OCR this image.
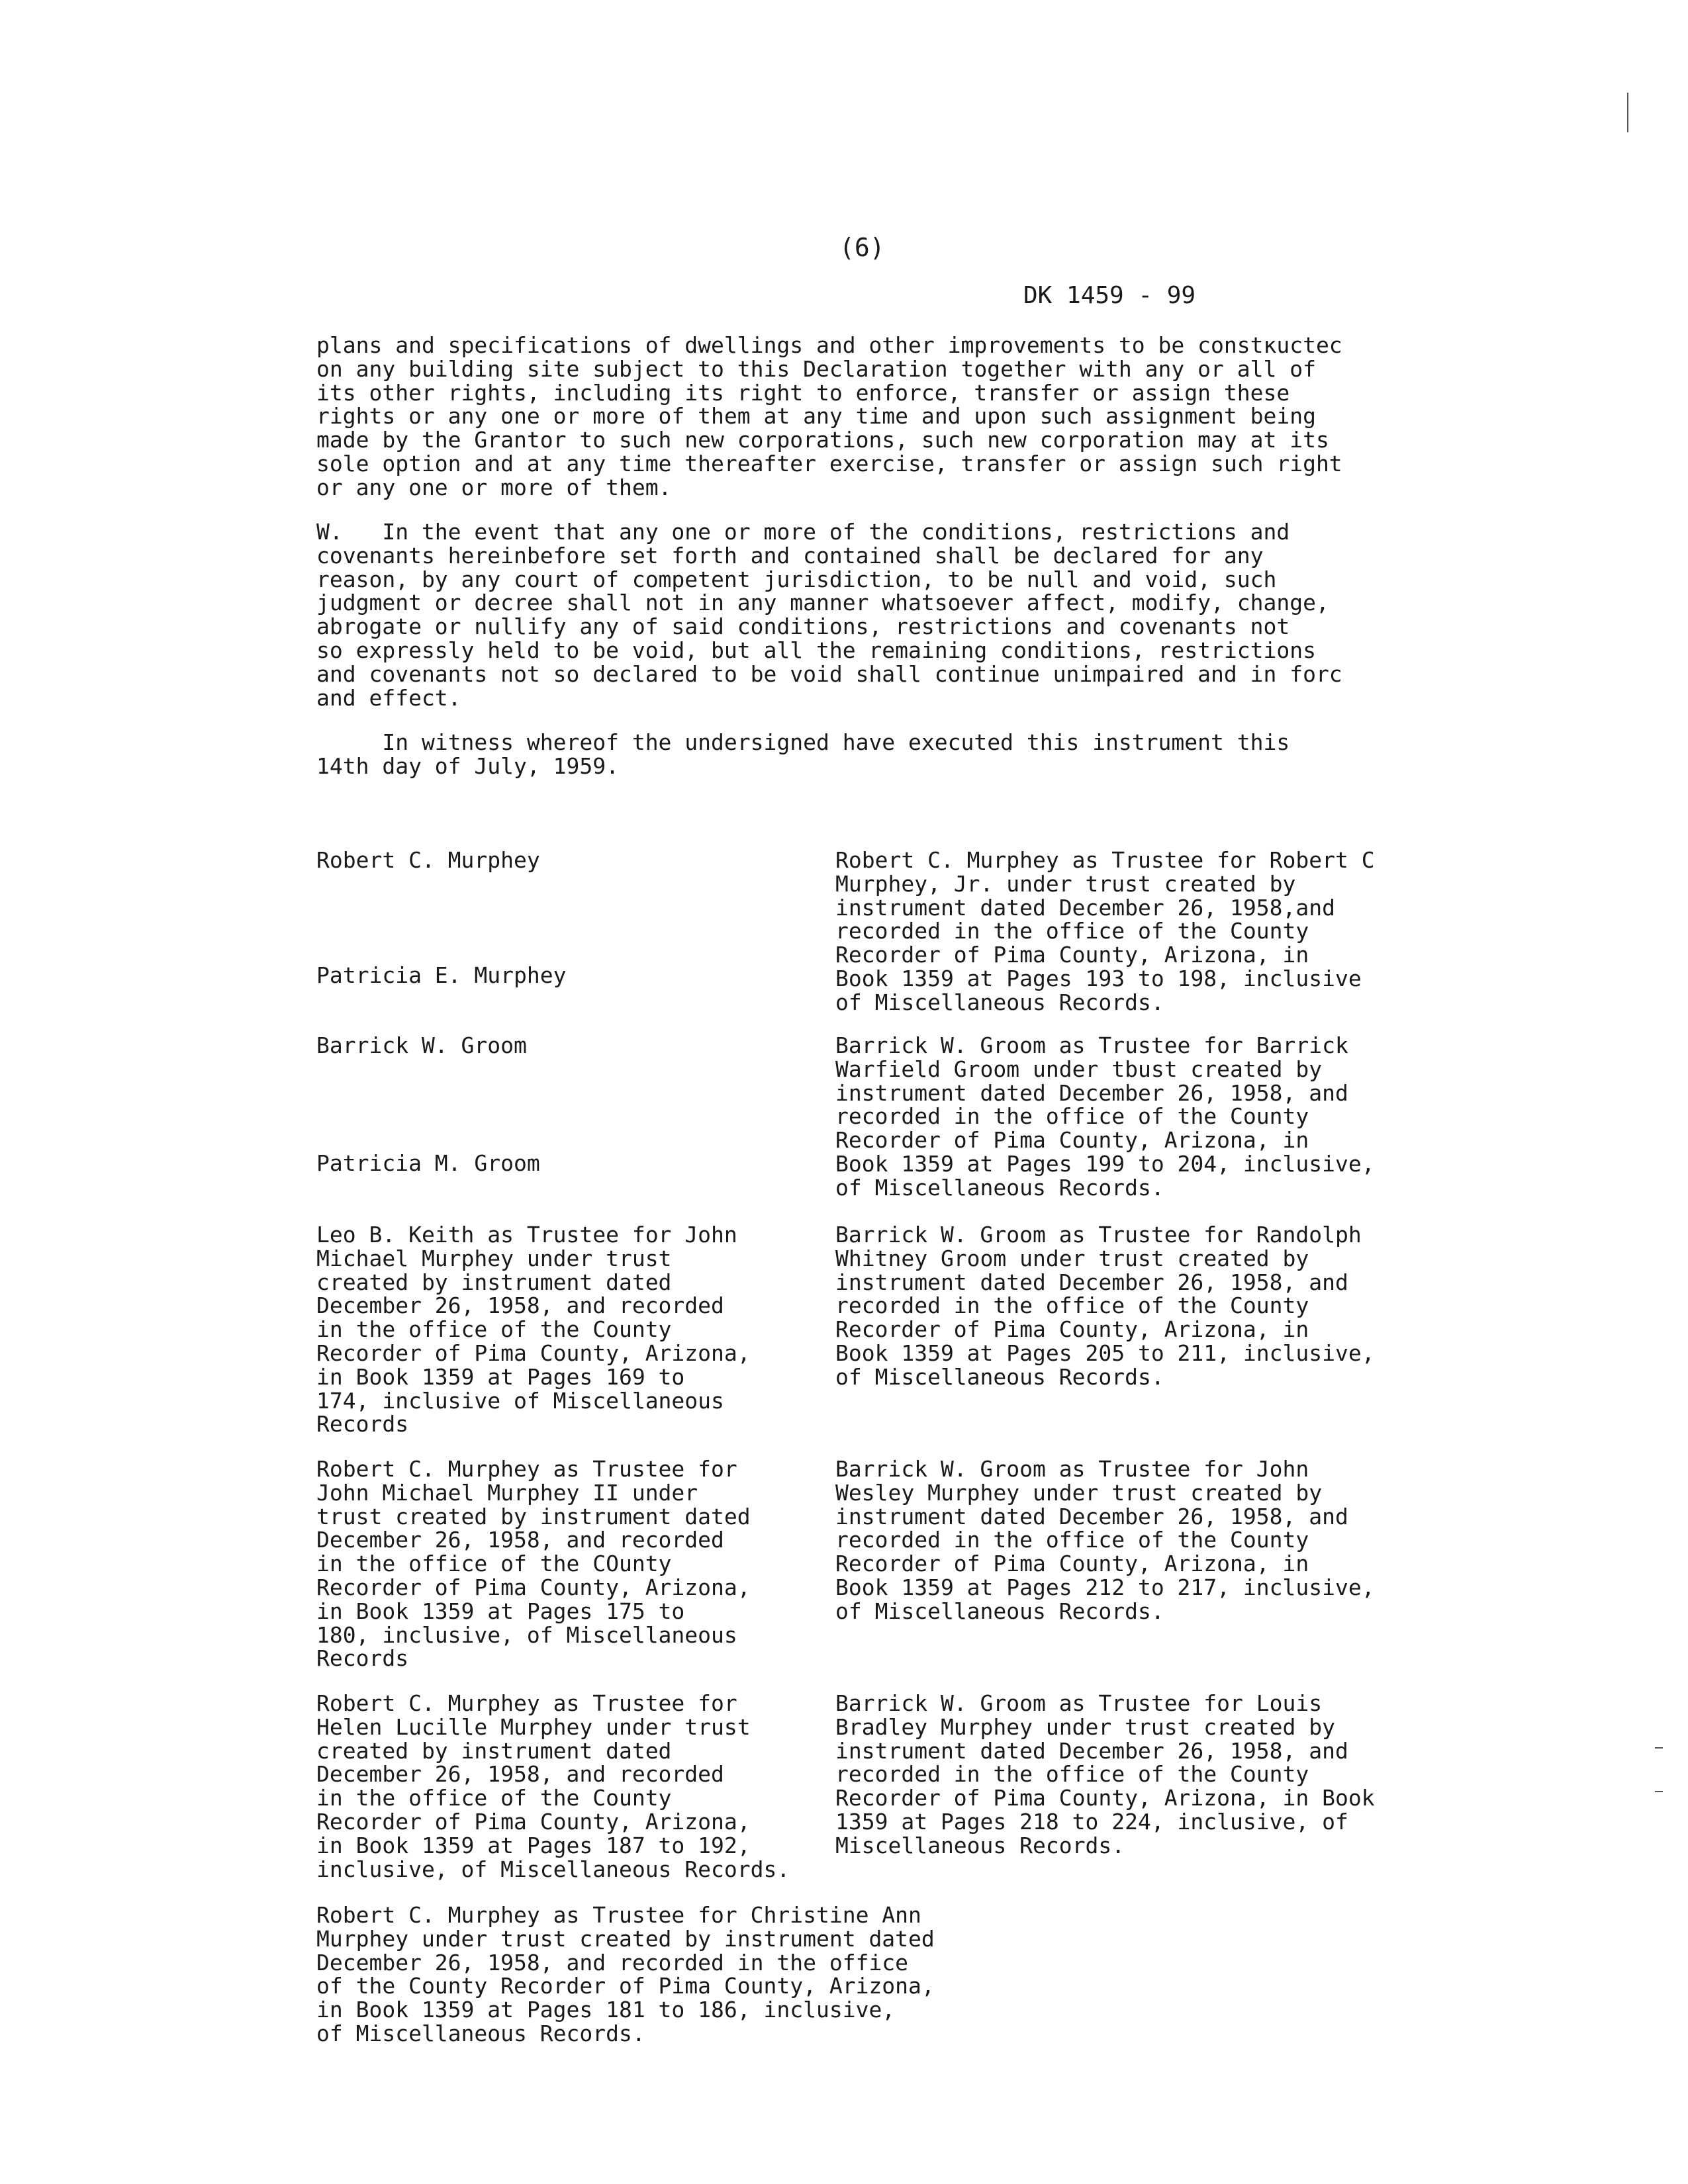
(6)
DK 1459 - 99
plans and specifications of dwellings and other improvements to be constĸuctec
on any building site subject to this Declaration together with any or all of
its other rights, including its right to enforce, transfer or assign these
rights or any one or more of them at any time and upon such assignment being
made by the Grantor to such new corporations, such new corporation may at its
sole option and at any time thereafter exercise, transfer or assign such right
or any one or more of them.
W.   In the event that any one or more of the conditions, restrictions and
covenants hereinbefore set forth and contained shall be declared for any
reason, by any court of competent jurisdiction, to be null and void, such
judgment or decree shall not in any manner whatsoever affect, modify, change,
abrogate or nullify any of said conditions, restrictions and covenants not
so expressly held to be void, but all the remaining conditions, restrictions
and covenants not so declared to be void shall continue unimpaired and in forc
and effect.
In witness whereof the undersigned have executed this instrument this
14th day of July, 1959.
Robert C. Murphey
Patricia E. Murphey
Barrick W. Groom
Patricia M. Groom
Robert C. Murphey as Trustee for Robert C
Murphey, Jr. under trust created by
instrument dated December 26, 1958,and
recorded in the office of the County
Recorder of Pima County, Arizona, in
Book 1359 at Pages 193 to 198, inclusive
of Miscellaneous Records.
Barrick W. Groom as Trustee for Barrick
Warfield Groom under tbust created by
instrument dated December 26, 1958, and
recorded in the office of the County
Recorder of Pima County, Arizona, in
Book 1359 at Pages 199 to 204, inclusive,
of Miscellaneous Records.
Leo B. Keith as Trustee for John
Michael Murphey under trust
created by instrument dated
December 26, 1958, and recorded
in the office of the County
Recorder of Pima County, Arizona,
in Book 1359 at Pages 169 to
174, inclusive of Miscellaneous
Records
Barrick W. Groom as Trustee for Randolph
Whitney Groom under trust created by
instrument dated December 26, 1958, and
recorded in the office of the County
Recorder of Pima County, Arizona, in
Book 1359 at Pages 205 to 211, inclusive,
of Miscellaneous Records.
Robert C. Murphey as Trustee for
John Michael Murphey II under
trust created by instrument dated
December 26, 1958, and recorded
in the office of the COunty
Recorder of Pima County, Arizona,
in Book 1359 at Pages 175 to
180, inclusive, of Miscellaneous
Records
Barrick W. Groom as Trustee for John
Wesley Murphey under trust created by
instrument dated December 26, 1958, and
recorded in the office of the County
Recorder of Pima County, Arizona, in
Book 1359 at Pages 212 to 217, inclusive,
of Miscellaneous Records.
Robert C. Murphey as Trustee for
Helen Lucille Murphey under trust
created by instrument dated
December 26, 1958, and recorded
in the office of the County
Recorder of Pima County, Arizona,
in Book 1359 at Pages 187 to 192,
inclusive, of Miscellaneous Records.
Barrick W. Groom as Trustee for Louis
Bradley Murphey under trust created by
instrument dated December 26, 1958, and
recorded in the office of the County
Recorder of Pima County, Arizona, in Book
1359 at Pages 218 to 224, inclusive, of
Miscellaneous Records.
Robert C. Murphey as Trustee for Christine Ann
Murphey under trust created by instrument dated
December 26, 1958, and recorded in the office
of the County Recorder of Pima County, Arizona,
in Book 1359 at Pages 181 to 186, inclusive,
of Miscellaneous Records.
